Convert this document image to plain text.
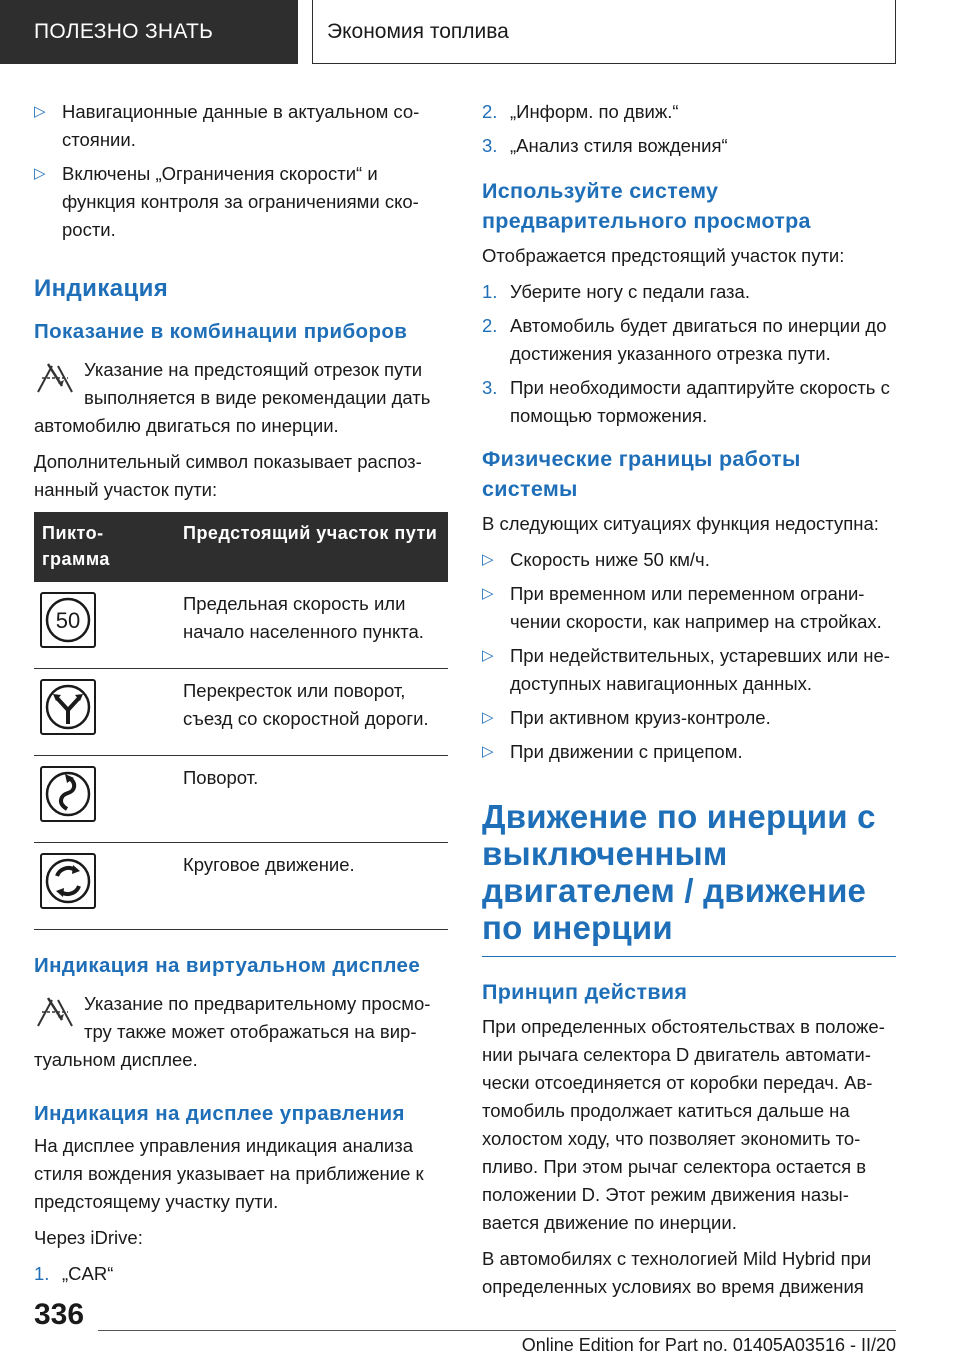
ПОЛЕЗНО ЗНАТЬ	Экономия топлива
▷ Навигационные данные в актуальном со-стоянии.
▷ Включены „Ограничения скорости“ и функция контроля за ограничениями ско-рости.
Индикация
Показание в комбинации приборов
Указание на предстоящий отрезок пути выполняется в виде рекомендации дать автомобилю двигаться по инерции.

Дополнительный символ показывает распоз-нанный участок пути:

Пикто-грамма	Предстоящий участок пути

50	Предельная скорость или начало населенного пункта.

	Перекресток или поворот, съезд со скоростной дороги.

	Поворот.

	Круговое движение.
Индикация на виртуальном дисплее
Указание по предварительному просмо-тру также может отображаться на вир-туальном дисплее.
Индикация на дисплее управления

На дисплее управления индикация анализа стиля вождения указывает на приближение к предстоящему участку пути.

Через iDrive:

1. „CAR“
2. „Информ. по движ.“
3. „Анализ стиля вождения“
Используйте систему предварительного просмотра

Отображается предстоящий участок пути:

1. Уберите ногу с педали газа.
2. Автомобиль будет двигаться по инерции до достижения указанного отрезка пути.
3. При необходимости адаптируйте скорость с помощью торможения.
Физические границы работы системы

В следующих ситуациях функция недоступна:

▷ Скорость ниже 50 км/ч.
▷ При временном или переменном ограни-чении скорости, как например на стройках.
▷ При недействительных, устаревших или не-доступных навигационных данных.
▷ При активном круиз-контроле.
▷ При движении с прицепом.
Движение по инерции с выключенным двигателем / движение по инерции
Принцип действия

При определенных обстоятельствах в положе-нии рычага селектора D двигатель автомати-чески отсоединяется от коробки передач. Ав-томобиль продолжает катиться дальше на холостом ходу, что позволяет экономить то-пливо. При этом рычаг селектора остается в положении D. Этот режим движения назы-вается движение по инерции.

В автомобилях с технологией Mild Hybrid при определенных условиях во время движения

336
Online Edition for Part no. 01405A03516 - II/20
